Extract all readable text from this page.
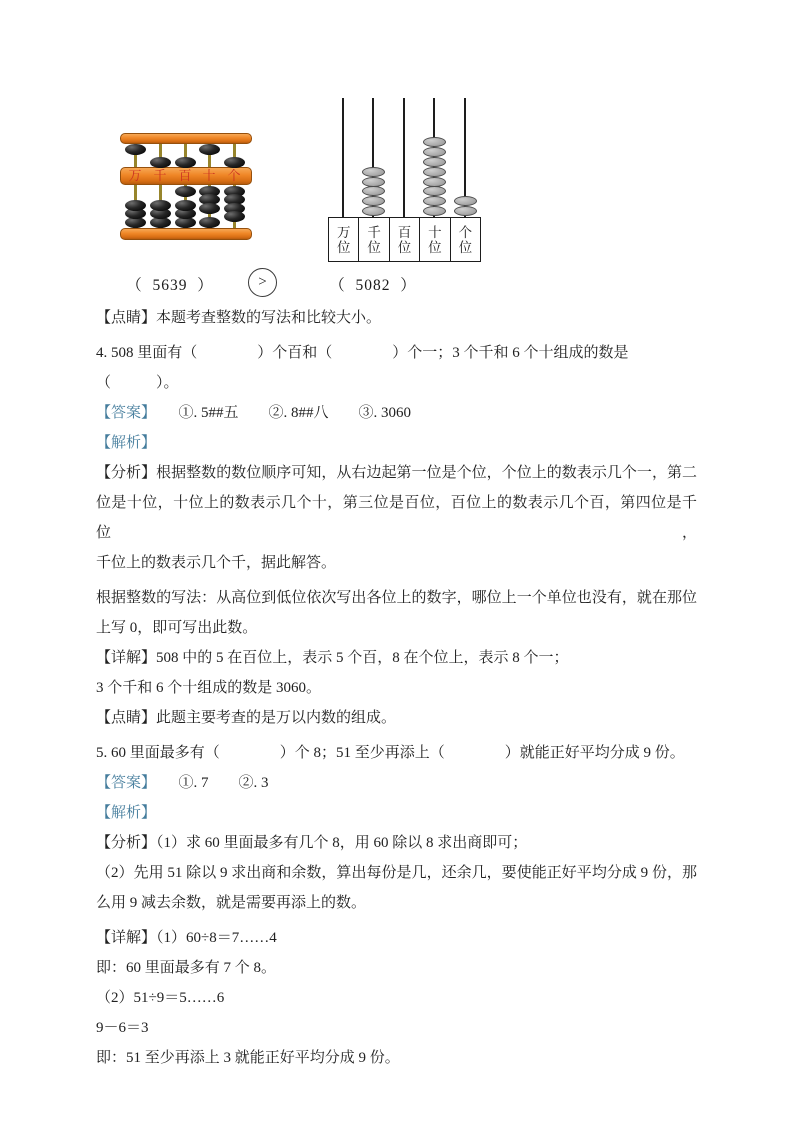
万 千 百 十 个
万
位
千
位
百
位
十
位
个
位
（  5639  ）	>	（  5082  ）
【点睛】本题考查整数的写法和比较大小。
4. 508 里面有（　　　　）个百和（　　　　）个一；3 个千和 6 个十组成的数是（　　　）。
【答案】　　①. 5##五　　②. 8##八　　③. 3060
【解析】
【分析】根据整数的数位顺序可知，从右边起第一位是个位，个位上的数表示几个一，第二
位是十位，十位上的数表示几个十，第三位是百位，百位上的数表示几个百，第四位是千位，
千位上的数表示几个千，据此解答。
根据整数的写法：从高位到低位依次写出各位上的数字，哪位上一个单位也没有，就在那位
上写 0，即可写出此数。
【详解】508 中的 5 在百位上，表示 5 个百，8 在个位上，表示 8 个一；
3 个千和 6 个十组成的数是 3060。
【点睛】此题主要考查的是万以内数的组成。
5. 60 里面最多有（　　　　）个 8；51 至少再添上（　　　　）就能正好平均分成 9 份。
【答案】　　①. 7　　②. 3
【解析】
【分析】（1）求 60 里面最多有几个 8，用 60 除以 8 求出商即可；
（2）先用 51 除以 9 求出商和余数，算出每份是几，还余几，要使能正好平均分成 9 份，那
么用 9 减去余数，就是需要再添上的数。
【详解】（1）60÷8＝7……4
即：60 里面最多有 7 个 8。
（2）51÷9＝5……6
9－6＝3
即：51 至少再添上 3 就能正好平均分成 9 份。
